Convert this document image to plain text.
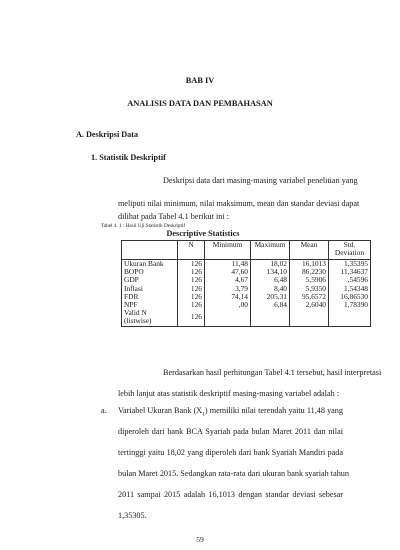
BAB IV
ANALISIS DATA DAN PEMBAHASAN
A. Deskripsi Data
1. Statistik Deskriptif
Deskripsi data dari masing-masing variabel penelitian yang
meliputi nilai minimum, nilai maksimum, mean dan standar deviasi dapat
dilihat pada Tabel 4.1 berikut ini :
Tabel 4. 1 : Hasil Uji Statistik Deskriptif
Descriptive Statistics
	N	Minimum	Maximum	Mean	Std. Deviation
Ukuran Bank	126	11,48	18,02	16,1013	1,35395
BOPO	126	47,60	134,10	86,2230	11,34637
GDP	126	4,67	6,48	5,5906	,54596
Inflasi	126	3,79	8,40	5,9350	1,54348
FDR	126	74,14	205,31	95,6572	16,86530
NPF	126	,00	6,84	2,6040	1,78390
Valid N (listwise)	126				
Berdasarkan hasil perhitungan Tabel 4.1 tersebut, hasil interpretasi
lebih lanjut atas statistik deskriptif masing-masing variabel adalah :
a. Variabel Ukuran Bank $(X_1)$ memiliki nilai terendah yaitu 11,48 yang
diperoleh dari bank BCA Syariah pada bulan Maret 2011 dan nilai
tertinggi yaitu 18,02 yang diperoleh dari bank Syariah Mandiri pada
bulan Maret 2015. Sedangkan rata-rata dari ukuran bank syariah tahun
2011 sampai 2015 adalah 16,1013 dengan standar deviasi sebesar
1,35305.
59
